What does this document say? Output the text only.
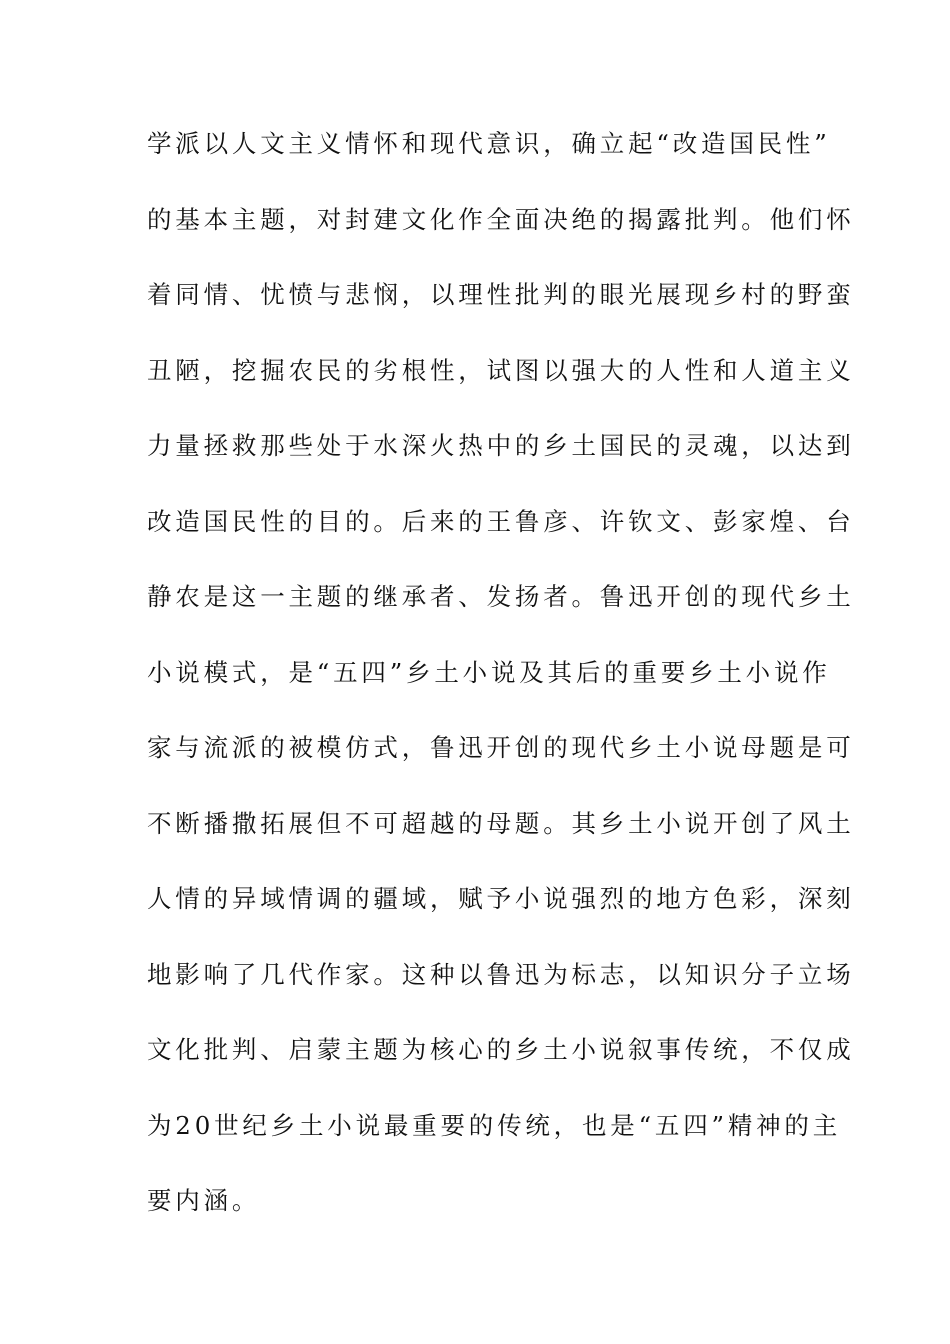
学派以人文主义情怀和现代意识，确立起“改造国民性”
的基本主题，对封建文化作全面决绝的揭露批判。他们怀
着同情、忧愤与悲悯，以理性批判的眼光展现乡村的野蛮
丑陋，挖掘农民的劣根性，试图以强大的人性和人道主义
力量拯救那些处于水深火热中的乡土国民的灵魂，以达到
改造国民性的目的。后来的王鲁彦、许钦文、彭家煌、台
静农是这一主题的继承者、发扬者。鲁迅开创的现代乡土
小说模式，是“五四”乡土小说及其后的重要乡土小说作
家与流派的被模仿式，鲁迅开创的现代乡土小说母题是可
不断播撒拓展但不可超越的母题。其乡土小说开创了风土
人情的异域情调的疆域，赋予小说强烈的地方色彩，深刻
地影响了几代作家。这种以鲁迅为标志，以知识分子立场
文化批判、启蒙主题为核心的乡土小说叙事传统，不仅成
为20世纪乡土小说最重要的传统，也是“五四”精神的主
要内涵。
